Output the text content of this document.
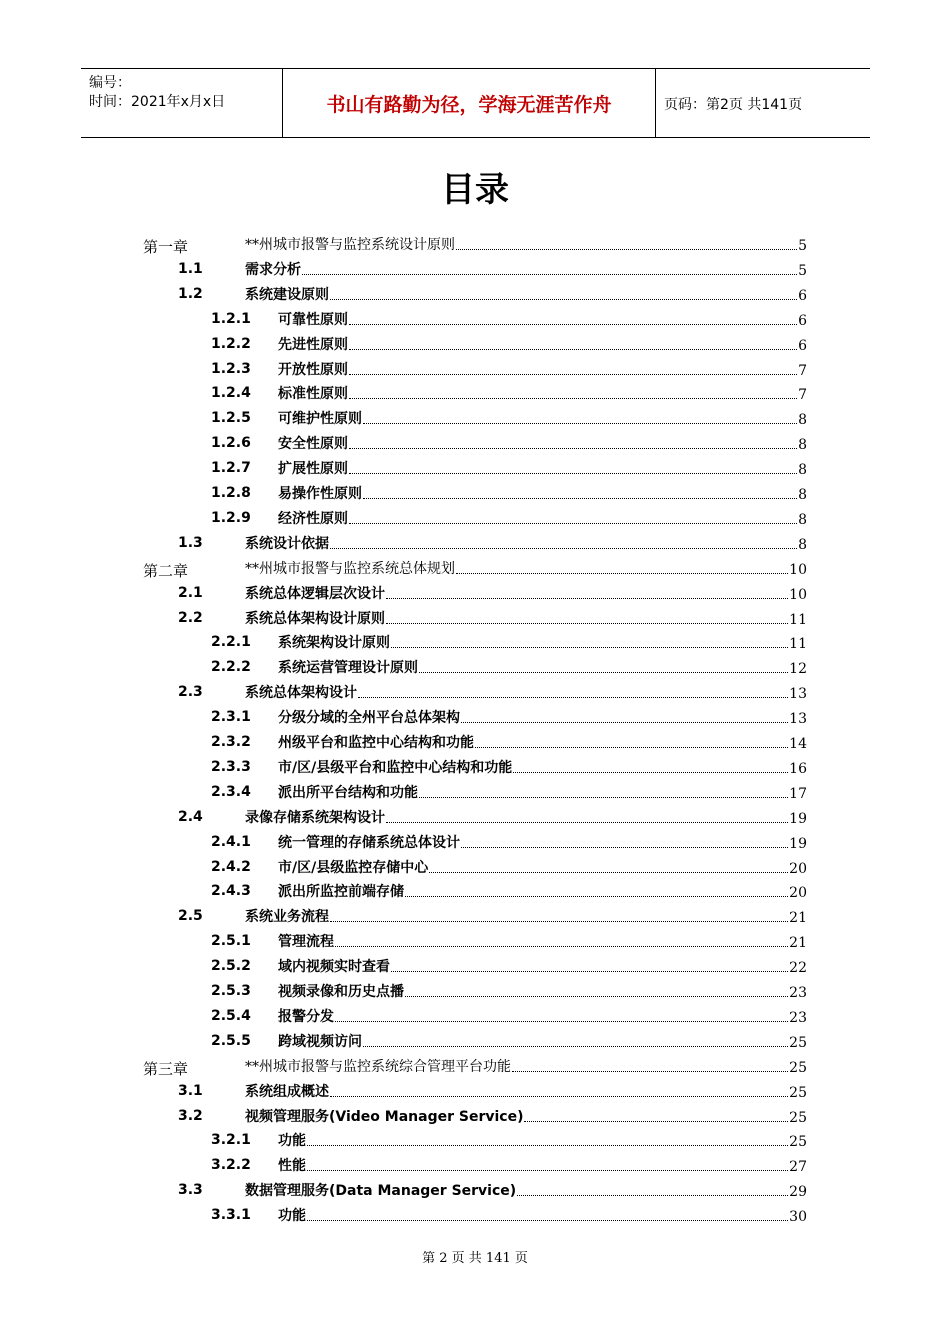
编号：
时间：2021年x月x日	书山有路勤为径，学海无涯苦作舟	页码：第2页 共141页
目录
第一章	**州城市报警与监控系统设计原则	5
1.1	需求分析	5
1.2	系统建设原则	6
1.2.1 可靠性原则	6
1.2.2 先进性原则	6
1.2.3 开放性原则	7
1.2.4 标准性原则	7
1.2.5 可维护性原则	8
1.2.6 安全性原则	8
1.2.7 扩展性原则	8
1.2.8 易操作性原则	8
1.2.9 经济性原则	8
1.3	系统设计依据	8
第二章	**州城市报警与监控系统总体规划	10
2.1	系统总体逻辑层次设计	10
2.2	系统总体架构设计原则	11
2.2.1 系统架构设计原则	11
2.2.2 系统运营管理设计原则	12
2.3	系统总体架构设计	13
2.3.1 分级分域的全州平台总体架构	13
2.3.2 州级平台和监控中心结构和功能	14
2.3.3 市/区/县级平台和监控中心结构和功能	16
2.3.4 派出所平台结构和功能	17
2.4	录像存储系统架构设计	19
2.4.1 统一管理的存储系统总体设计	19
2.4.2 市/区/县级监控存储中心	20
2.4.3 派出所监控前端存储	20
2.5	系统业务流程	21
2.5.1 管理流程	21
2.5.2 域内视频实时查看	22
2.5.3 视频录像和历史点播	23
2.5.4 报警分发	23
2.5.5 跨域视频访问	25
第三章	**州城市报警与监控系统综合管理平台功能	25
3.1	系统组成概述	25
3.2	视频管理服务(Video Manager Service)	25
3.2.1 功能	25
3.2.2 性能	27
3.3	数据管理服务(Data Manager Service)	29
3.3.1 功能	30
第 2 页 共 141 页
